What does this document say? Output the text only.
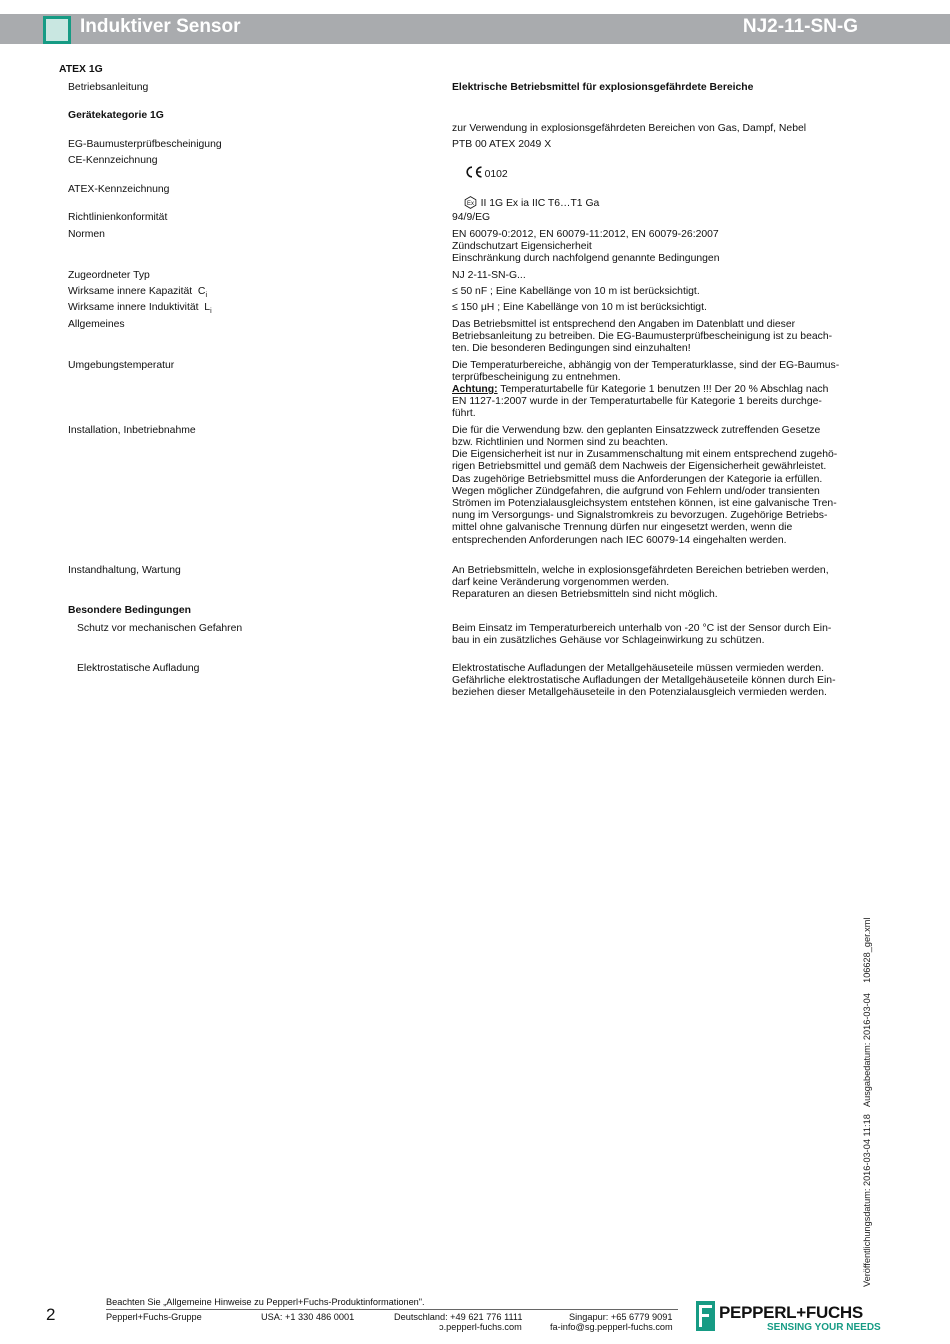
Induktiver Sensor	NJ2-11-SN-G
ATEX 1G
Betriebsanleitung	Elektrische Betriebsmittel für explosionsgefährdete Bereiche
Gerätekategorie 1G
zur Verwendung in explosionsgefährdeten Bereichen von Gas, Dampf, Nebel
EG-Baumusterprüfbescheinigung	PTB 00 ATEX 2049 X
CE-Kennzeichnung

0102

ATEX-Kennzeichnung

Ex II 1G Ex ia IIC T6…T1 Ga

Richtlinienkonformität	94/9/EG
Normen	EN 60079-0:2012, EN 60079-11:2012, EN 60079-26:2007
Zündschutzart Eigensicherheit
Einschränkung durch nachfolgend genannte Bedingungen
Zugeordneter Typ	NJ 2-11-SN-G...
Wirksame innere Kapazität  $C_i$	≤ 50 nF ; Eine Kabellänge von 10 m ist berücksichtigt.
Wirksame innere Induktivität  $L_i$	≤ 150 μH ; Eine Kabellänge von 10 m ist berücksichtigt.
Allgemeines	Das Betriebsmittel ist entsprechend den Angaben im Datenblatt und dieser
Betriebsanleitung zu betreiben. Die EG-Baumusterprüfbescheinigung ist zu beach-
ten. Die besonderen Bedingungen sind einzuhalten!
Umgebungstemperatur	Die Temperaturbereiche, abhängig von der Temperaturklasse, sind der EG-Baumus-
terprüfbescheinigung zu entnehmen.
Achtung: Temperaturtabelle für Kategorie 1 benutzen !!! Der 20 % Abschlag nach
EN 1127-1:2007 wurde in der Temperaturtabelle für Kategorie 1 bereits durchge-
führt.
Installation, Inbetriebnahme	Die für die Verwendung bzw. den geplanten Einsatzzweck zutreffenden Gesetze
bzw. Richtlinien und Normen sind zu beachten.
Die Eigensicherheit ist nur in Zusammenschaltung mit einem entsprechend zugehö-
rigen Betriebsmittel und gemäß dem Nachweis der Eigensicherheit gewährleistet.
Das zugehörige Betriebsmittel muss die Anforderungen der Kategorie ia erfüllen.
Wegen möglicher Zündgefahren, die aufgrund von Fehlern und/oder transienten
Strömen im Potenzialausgleichsystem entstehen können, ist eine galvanische Tren-
nung im Versorgungs- und Signalstromkreis zu bevorzugen. Zugehörige Betriebs-
mittel ohne galvanische Trennung dürfen nur eingesetzt werden, wenn die
entsprechenden Anforderungen nach IEC 60079-14 eingehalten werden.
Instandhaltung, Wartung	An Betriebsmitteln, welche in explosionsgefährdeten Bereichen betrieben werden,
darf keine Veränderung vorgenommen werden.
Reparaturen an diesen Betriebsmitteln sind nicht möglich.
Besondere Bedingungen
Schutz vor mechanischen Gefahren	Beim Einsatz im Temperaturbereich unterhalb von -20 °C ist der Sensor durch Ein-
bau in ein zusätzliches Gehäuse vor Schlageinwirkung zu schützen.
Elektrostatische Aufladung	Elektrostatische Aufladungen der Metallgehäuseteile müssen vermieden werden.
Gefährliche elektrostatische Aufladungen der Metallgehäuseteile können durch Ein-
beziehen dieser Metallgehäuseteile in den Potenzialausgleich vermieden werden.
Veröffentlichungsdatum: 2016-03-04 11:18   Ausgabedatum: 2016-03-04    106628_ger.xml
2
Beachten Sie „Allgemeine Hinweise zu Pepperl+Fuchs-Produktinformationen".
Pepperl+Fuchs-Gruppe	USA: +1 330 486 0001	Deutschland: +49 621 776 1111
ɔ.pepperl-fuchs.com
Singapur: +65 6779 9091
fa-info@sg.pepperl-fuchs.com
PEPPERL+FUCHS
SENSING YOUR NEEDS
